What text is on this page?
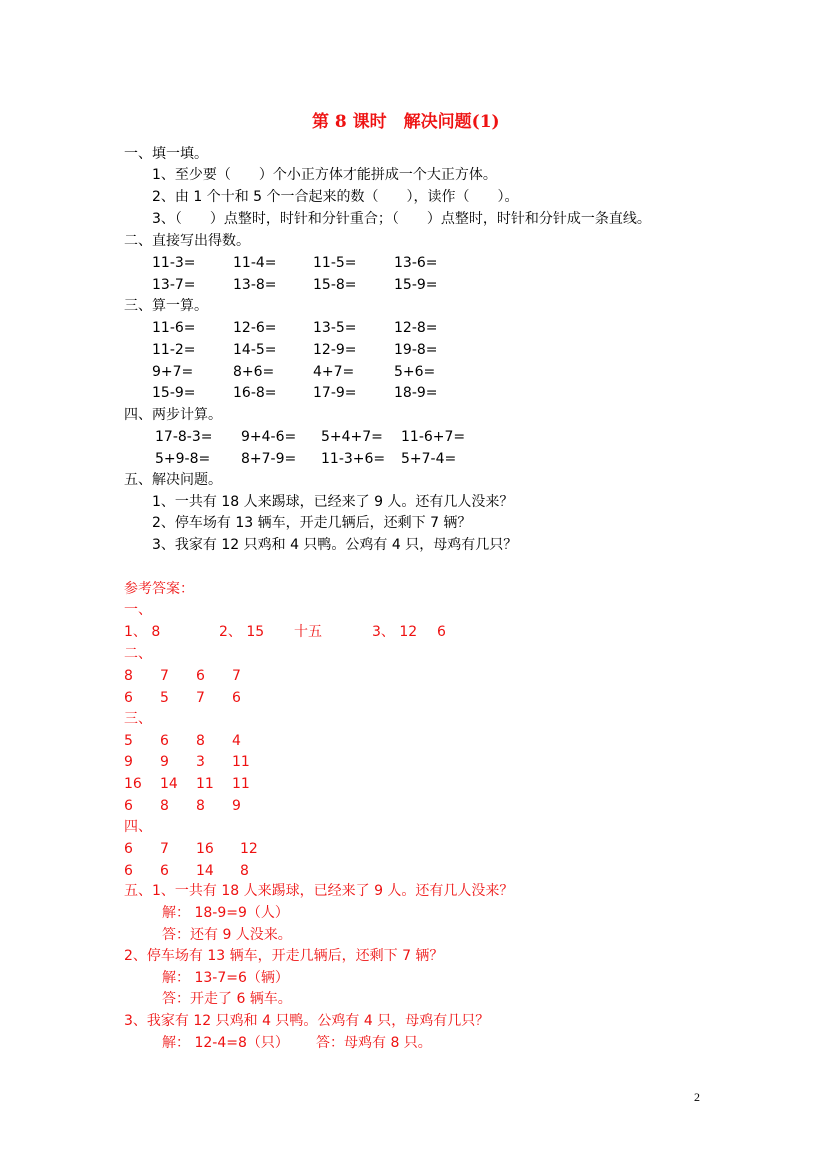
第 8 课时　解决问题(1)
一、填一填。
1、至少要（　　）个小正方体才能拼成一个大正方体。
2、由 1 个十和 5 个一合起来的数（　　），读作（　　）。
3、（　　）点整时，时针和分针重合；（　　）点整时，时针和分针成一条直线。
二、直接写出得数。
11-3=	11-4=	11-5=	13-6=
13-7=	13-8=	15-8=	15-9=
三、算一算。
11-6=	12-6=	13-5=	12-8=
11-2=	14-5=	12-9=	19-8=
9+7=	8+6=	4+7=	5+6=
15-9=	16-8=	17-9=	18-9=
四、两步计算。
17-8-3= 9+4-6= 5+4+7= 11-6+7=
5+9-8= 8+7-9= 11-3+6= 5+7-4=
五、解决问题。
1、一共有 18 人来踢球，已经来了 9 人。还有几人没来？
2、停车场有 13 辆车，开走几辆后，还剩下 7 辆？
3、我家有 12 只鸡和 4 只鸭。公鸡有 4 只，母鸡有几只？
参考答案：
一、
1、 8	2、 15 十五	3、 12 6
二、
8 7 6 7
6 5 7 6
三、
5 6 8 4
9 9 3 11
16 14 11 11
6 8 8 9
四、
6 7 16 12
6 6 14 8
五、1、一共有 18 人来踢球，已经来了 9 人。还有几人没来？
解： 18-9=9（人）
答：还有 9 人没来。
2、停车场有 13 辆车，开走几辆后，还剩下 7 辆？
解： 13-7=6（辆）
答：开走了 6 辆车。
3、我家有 12 只鸡和 4 只鸭。公鸡有 4 只，母鸡有几只？
解： 12-4=8（只） 答：母鸡有 8 只。
2
